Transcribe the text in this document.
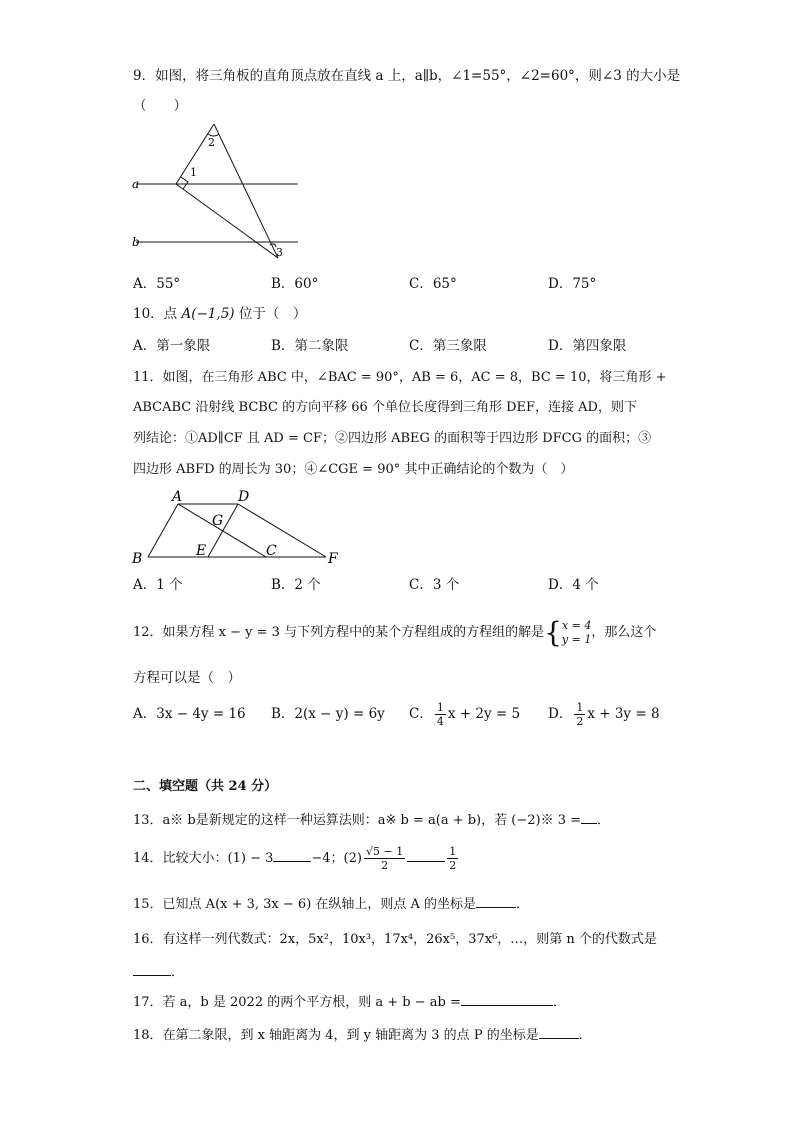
9．如图，将三角板的直角顶点放在直线 a 上，a∥b，∠1=55°，∠2=60°，则∠3 的大小是
（　　）
a
b
1
2
3
A．55°	B．60°	C．65°	D．75°
10．点 A(−1,5) 位于（　）
A．第一象限	B．第二象限	C．第三象限	D．第四象限
11．如图，在三角形 ABC 中，∠BAC = 90°，AB = 6，AC = 8，BC = 10，将三角形 +
ABCABC 沿射线 BCBC 的方向平移 66 个单位长度得到三角形 DEF，连接 AD，则下
列结论：①AD∥CF 且 AD = CF；②四边形 ABEG 的面积等于四边形 DFCG 的面积；③
四边形 ABFD 的周长为 30；④∠CGE = 90° 其中正确结论的个数为（　）
A	D
G
B	E	C	F
A．1 个	B．2 个	C．3 个	D．4 个
12．如果方程 x − y = 3 与下列方程中的某个方程组成的方程组的解是{ x = 4
y = 1 ，那么这个
方程可以是（　）
A．3x − 4y = 16 B．2(x − y) = 6y C． $\frac{1}{4}$ x + 2y = 5 D． $\frac{1}{2}$ x + 3y = 8
二、填空题（共 24 分）
13．a※ b是新规定的这样一种运算法则：a※ b = a(a + b)，若 (−2)※ 3 = ．
14．比较大小：(1) − 3	−4；$(2) \frac{√5 - 1}{2}$	$\frac{1}{2}$
15．已知点 A(x + 3, 3x − 6) 在纵轴上，则点 A 的坐标是	．
16．有这样一列代数式：2x，5x²，10x³，17x⁴，26x⁵，37x⁶，…，则第 n 个的代数式是
．
17．若 a，b 是 2022 的两个平方根，则 a + b − ab =	．
18．在第二象限，到 x 轴距离为 4，到 y 轴距离为 3 的点 P 的坐标是	．
